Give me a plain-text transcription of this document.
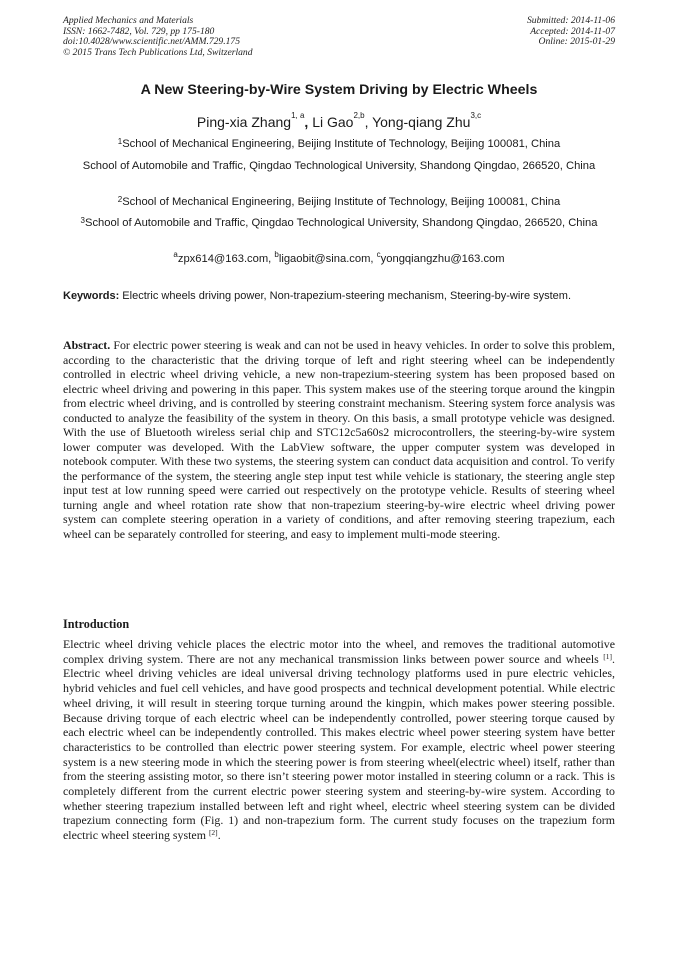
Applied Mechanics and Materials
ISSN: 1662-7482, Vol. 729, pp 175-180
doi:10.4028/www.scientific.net/AMM.729.175
© 2015 Trans Tech Publications Ltd, Switzerland
Submitted: 2014-11-06
Accepted: 2014-11-07
Online: 2015-01-29
A New Steering-by-Wire System Driving by Electric Wheels
Ping-xia Zhang$^{1, a}$, Li Gao$^{2,b}$, Yong-qiang Zhu$^{3,c}$
$^1$School of Mechanical Engineering, Beijing Institute of Technology, Beijing 100081, China
School of Automobile and Traffic, Qingdao Technological University, Shandong Qingdao, 266520, China
$^2$School of Mechanical Engineering, Beijing Institute of Technology, Beijing 100081, China
$^3$School of Automobile and Traffic, Qingdao Technological University, Shandong Qingdao, 266520, China
$^a$zpx614@163.com, $^b$ligaobit@sina.com, $^c$yongqiangzhu@163.com
Keywords: Electric wheels driving power, Non-trapezium-steering mechanism, Steering-by-wire system.
Abstract. For electric power steering is weak and can not be used in heavy vehicles. In order to solve this problem, according to the characteristic that the driving torque of left and right steering wheel can be independently controlled in electric wheel driving vehicle, a new non-trapezium-steering system has been proposed based on electric wheel driving and powering in this paper. This system makes use of the steering torque around the kingpin from electric wheel driving, and is controlled by steering constraint mechanism. Steering system force analysis was conducted to analyze the feasibility of the system in theory. On this basis, a small prototype vehicle was designed. With the use of Bluetooth wireless serial chip and STC12c5a60s2 microcontrollers, the steering-by-wire system lower computer was developed. With the LabView software, the upper computer system was developed in notebook computer. With these two systems, the steering system can conduct data acquisition and control. To verify the performance of the system, the steering angle step input test while vehicle is stationary, the steering angle step input test at low running speed were carried out respectively on the prototype vehicle. Results of steering wheel turning angle and wheel rotation rate show that non-trapezium steering-by-wire electric wheel driving power system can complete steering operation in a variety of conditions, and after removing steering trapezium, each wheel can be separately controlled for steering, and easy to implement multi-mode steering.
Introduction
Electric wheel driving vehicle places the electric motor into the wheel, and removes the traditional automotive complex driving system. There are not any mechanical transmission links between power source and wheels [1]. Electric wheel driving vehicles are ideal universal driving technology platforms used in pure electric vehicles, hybrid vehicles and fuel cell vehicles, and have good prospects and technical development potential. While electric wheel driving, it will result in steering torque turning around the kingpin, which makes power steering possible. Because driving torque of each electric wheel can be independently controlled, power steering torque caused by each electric wheel can be independently controlled. This makes electric wheel power steering system have better characteristics to be controlled than electric power steering system. For example, electric wheel power steering system is a new steering mode in which the steering power is from steering wheel(electric wheel) itself, rather than from the steering assisting motor, so there isn’t steering power motor installed in steering column or a rack. This is completely different from the current electric power steering system and steering-by-wire system. According to whether steering trapezium installed between left and right wheel, electric wheel steering system can be divided trapezium connecting form (Fig. 1) and non-trapezium form. The current study focuses on the trapezium form electric wheel steering system [2].
